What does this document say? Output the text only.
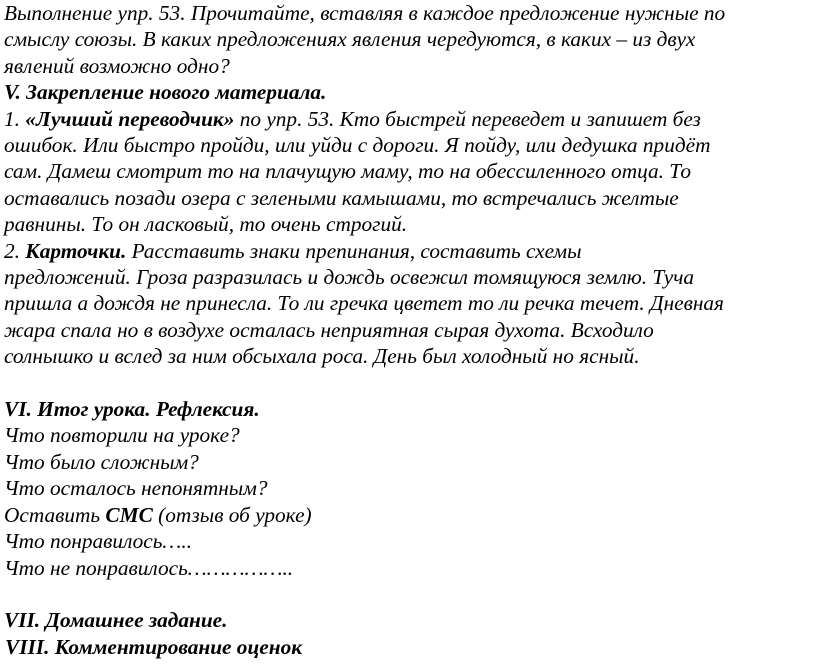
Выполнение упр. 53. Прочитайте, вставляя в каждое предложение нужные по
смыслу союзы. В каких предложениях явления чередуются, в каких – из двух
явлений возможно одно?
V. Закрепление нового материала.
1. «Лучший переводчик» по упр. 53. Кто быстрей переведет и запишет без
ошибок. Или быстро пройди, или уйди с дороги. Я пойду, или дедушка придёт
сам. Дамеш смотрит то на плачущую маму, то на обессиленного отца. То
оставались позади озера с зелеными камышами, то встречались желтые
равнины. То он ласковый, то очень строгий.
2. Карточки. Расставить знаки препинания, составить схемы
предложений. Гроза разразилась и дождь освежил томящуюся землю. Туча
пришла а дождя не принесла. То ли гречка цветет то ли речка течет. Дневная
жара спала но в воздухе осталась неприятная сырая духота. Всходило
солнышко и вслед за ним обсыхала роса. День был холодный но ясный.
VI. Итог урока. Рефлексия.
Что повторили на уроке?
Что было сложным?
Что осталось непонятным?
Оставить СМС (отзыв об уроке)
Что понравилось…..
Что не понравилось……………..
VII. Домашнее задание.
VIII. Комментирование оценок
